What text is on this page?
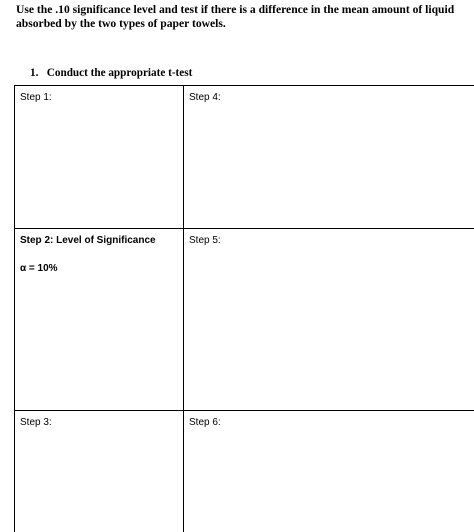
Use the .10 significance level and test if there is a difference in the mean amount of liquid
absorbed by the two types of paper towels.
1. Conduct the appropriate t-test
Step 1:	Step 4:
Step 2: Level of Significance
α = 10%
Step 5:
Step 3:	Step 6:
